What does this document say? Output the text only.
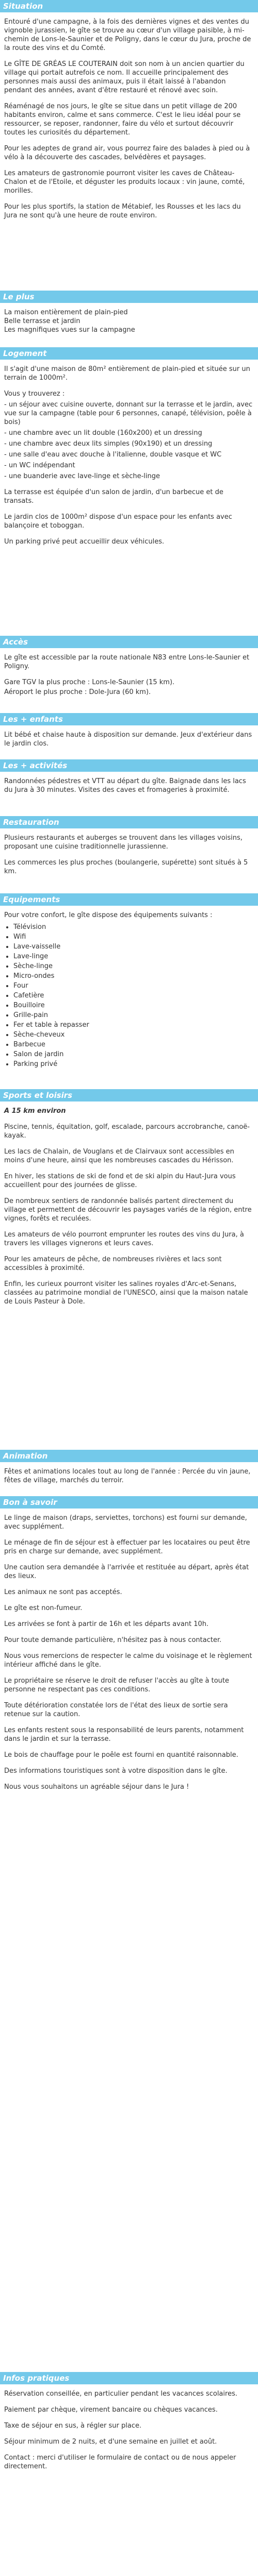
Situation

Entouré d'une campagne, à la fois des dernières vignes et des ventes du vignoble jurassien, le gîte se trouve au cœur d'un village paisible, à mi-chemin de Lons-le-Saunier et de Poligny, dans le cœur du Jura, proche de la route des vins et du Comté.

Le GÎTE DE GRÉAS LE COUTERAIN doit son nom à un ancien quartier du village qui portait autrefois ce nom. Il accueille principalement des personnes mais aussi des animaux, puis il était laissé à l'abandon pendant des années, avant d'être restauré et rénové avec soin.

Réaménagé de nos jours, le gîte se situe dans un petit village de 200 habitants environ, calme et sans commerce. C'est le lieu idéal pour se ressourcer, se reposer, randonner, faire du vélo et surtout découvrir toutes les curiosités du département.

Pour les adeptes de grand air, vous pourrez faire des balades à pied ou à vélo à la découverte des cascades, belvédères et paysages.

Les amateurs de gastronomie pourront visiter les caves de Château-Chalon et de l'Etoile, et déguster les produits locaux : vin jaune, comté, morilles.

Pour les plus sportifs, la station de Métabief, les Rousses et les lacs du Jura ne sont qu'à une heure de route environ.

Le plus

La maison entièrement de plain-pied

Belle terrasse et jardin

Les magnifiques vues sur la campagne

Logement

Il s'agit d'une maison de 80m² entièrement de plain-pied et située sur un terrain de 1000m².

Vous y trouverez :

- un séjour avec cuisine ouverte, donnant sur la terrasse et le jardin, avec vue sur la campagne (table pour 6 personnes, canapé, télévision, poêle à bois)

- une chambre avec un lit double (160x200) et un dressing

- une chambre avec deux lits simples (90x190) et un dressing

- une salle d'eau avec douche à l'italienne, double vasque et WC

- un WC indépendant

- une buanderie avec lave-linge et sèche-linge

La terrasse est équipée d'un salon de jardin, d'un barbecue et de transats.

Le jardin clos de 1000m² dispose d'un espace pour les enfants avec balançoire et toboggan.

Un parking privé peut accueillir deux véhicules.

Accès

Le gîte est accessible par la route nationale N83 entre Lons-le-Saunier et Poligny.

Gare TGV la plus proche : Lons-le-Saunier (15 km).

Aéroport le plus proche : Dole-Jura (60 km).

Les + enfants

Lit bébé et chaise haute à disposition sur demande. Jeux d'extérieur dans le jardin clos.

Les + activités

Randonnées pédestres et VTT au départ du gîte. Baignade dans les lacs du Jura à 30 minutes. Visites des caves et fromageries à proximité.

Restauration

Plusieurs restaurants et auberges se trouvent dans les villages voisins, proposant une cuisine traditionnelle jurassienne.

Les commerces les plus proches (boulangerie, supérette) sont situés à 5 km.

Equipements

Pour votre confort, le gîte dispose des équipements suivants :

• Télévision
• Wifi
• Lave-vaisselle
• Lave-linge
• Sèche-linge
• Micro-ondes
• Four
• Cafetière
• Bouilloire
• Grille-pain
• Fer et table à repasser
• Sèche-cheveux
• Barbecue
• Salon de jardin
• Parking privé
Sports et loisirs

A 15 km environ

Piscine, tennis, équitation, golf, escalade, parcours accrobranche, canoë-kayak.

Les lacs de Chalain, de Vouglans et de Clairvaux sont accessibles en moins d'une heure, ainsi que les nombreuses cascades du Hérisson.

En hiver, les stations de ski de fond et de ski alpin du Haut-Jura vous accueillent pour des journées de glisse.

De nombreux sentiers de randonnée balisés partent directement du village et permettent de découvrir les paysages variés de la région, entre vignes, forêts et reculées.

Les amateurs de vélo pourront emprunter les routes des vins du Jura, à travers les villages vignerons et leurs caves.

Pour les amateurs de pêche, de nombreuses rivières et lacs sont accessibles à proximité.

Enfin, les curieux pourront visiter les salines royales d'Arc-et-Senans, classées au patrimoine mondial de l'UNESCO, ainsi que la maison natale de Louis Pasteur à Dole.

Animation

Fêtes et animations locales tout au long de l'année : Percée du vin jaune, fêtes de village, marchés du terroir.

Bon à savoir

Le linge de maison (draps, serviettes, torchons) est fourni sur demande, avec supplément.

Le ménage de fin de séjour est à effectuer par les locataires ou peut être pris en charge sur demande, avec supplément.

Une caution sera demandée à l'arrivée et restituée au départ, après état des lieux.

Les animaux ne sont pas acceptés.

Le gîte est non-fumeur.

Les arrivées se font à partir de 16h et les départs avant 10h.

Pour toute demande particulière, n'hésitez pas à nous contacter.

Nous vous remercions de respecter le calme du voisinage et le règlement intérieur affiché dans le gîte.

Le propriétaire se réserve le droit de refuser l'accès au gîte à toute personne ne respectant pas ces conditions.

Toute détérioration constatée lors de l'état des lieux de sortie sera retenue sur la caution.

Les enfants restent sous la responsabilité de leurs parents, notamment dans le jardin et sur la terrasse.

Le bois de chauffage pour le poêle est fourni en quantité raisonnable.

Des informations touristiques sont à votre disposition dans le gîte.

Nous vous souhaitons un agréable séjour dans le Jura !

Infos pratiques

Réservation conseillée, en particulier pendant les vacances scolaires.

Paiement par chèque, virement bancaire ou chèques vacances.

Taxe de séjour en sus, à régler sur place.

Séjour minimum de 2 nuits, et d'une semaine en juillet et août.

Contact : merci d'utiliser le formulaire de contact ou de nous appeler directement.
